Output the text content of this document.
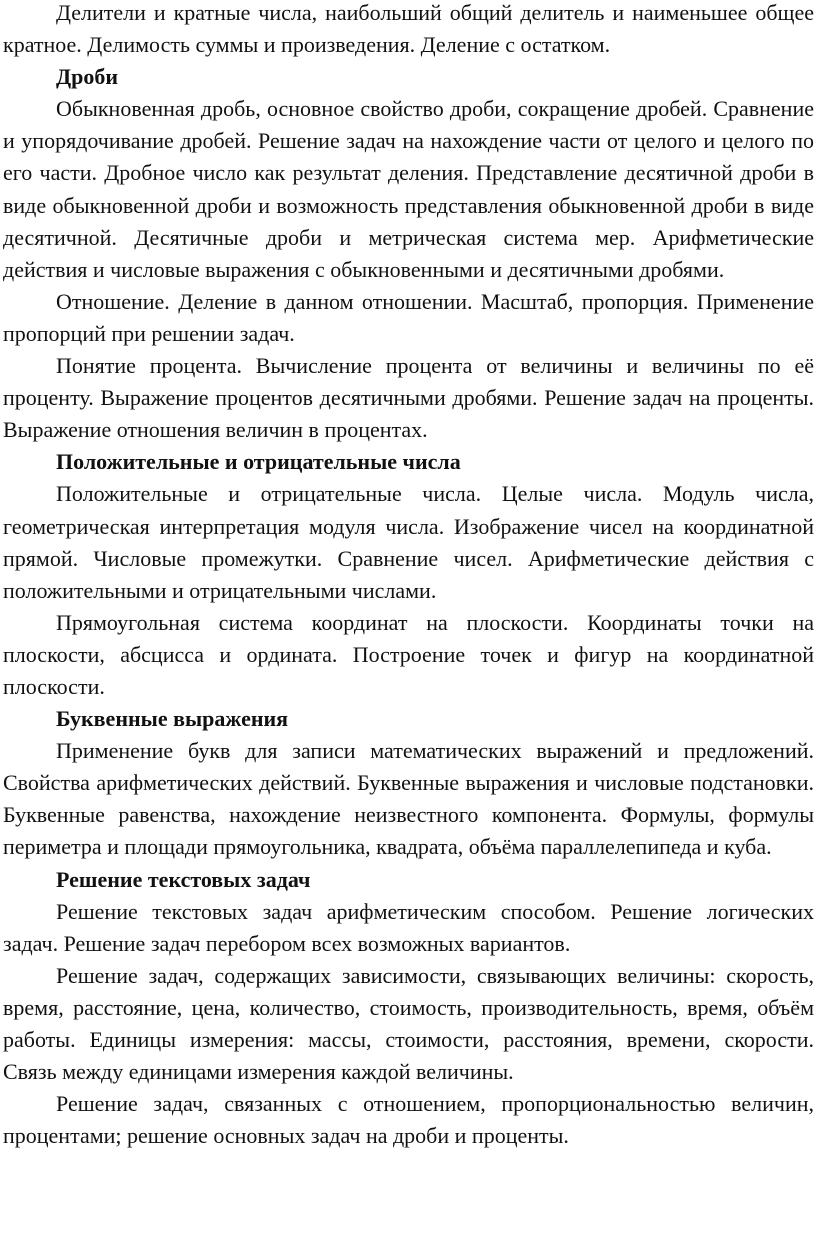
Делители и кратные числа, наибольший общий делитель и наименьшее общее кратное. Делимость суммы и произведения. Деление с остатком.

Дроби

Обыкновенная дробь, основное свойство дроби, сокращение дробей. Сравнение и упорядочивание дробей. Решение задач на нахождение части от целого и целого по его части. Дробное число как результат деления. Представление десятичной дроби в виде обыкновенной дроби и возможность представления обыкновенной дроби в виде десятичной. Десятичные дроби и метрическая система мер. Арифметические действия и числовые выражения с обыкновенными и десятичными дробями.

Отношение. Деление в данном отношении. Масштаб, пропорция. Применение пропорций при решении задач.

Понятие процента. Вычисление процента от величины и величины по её проценту. Выражение процентов десятичными дробями. Решение задач на проценты. Выражение отношения величин в процентах.

Положительные и отрицательные числа

Положительные и отрицательные числа. Целые числа. Модуль числа, геометрическая интерпретация модуля числа. Изображение чисел на координатной прямой. Числовые промежутки. Сравнение чисел. Арифметические действия с положительными и отрицательными числами.

Прямоугольная система координат на плоскости. Координаты точки на плоскости, абсцисса и ордината. Построение точек и фигур на координатной плоскости.

Буквенные выражения

Применение букв для записи математических выражений и предложений. Свойства арифметических действий. Буквенные выражения и числовые подстановки. Буквенные равенства, нахождение неизвестного компонента. Формулы, формулы периметра и площади прямоугольника, квадрата, объёма параллелепипеда и куба.

Решение текстовых задач

Решение текстовых задач арифметическим способом. Решение логических задач. Решение задач перебором всех возможных вариантов.

Решение задач, содержащих зависимости, связывающих величины: скорость, время, расстояние, цена, количество, стоимость, производительность, время, объём работы. Единицы измерения: массы, стоимости, расстояния, времени, скорости. Связь между единицами измерения каждой величины.

Решение задач, связанных с отношением, пропорциональностью величин, процентами; решение основных задач на дроби и проценты.
